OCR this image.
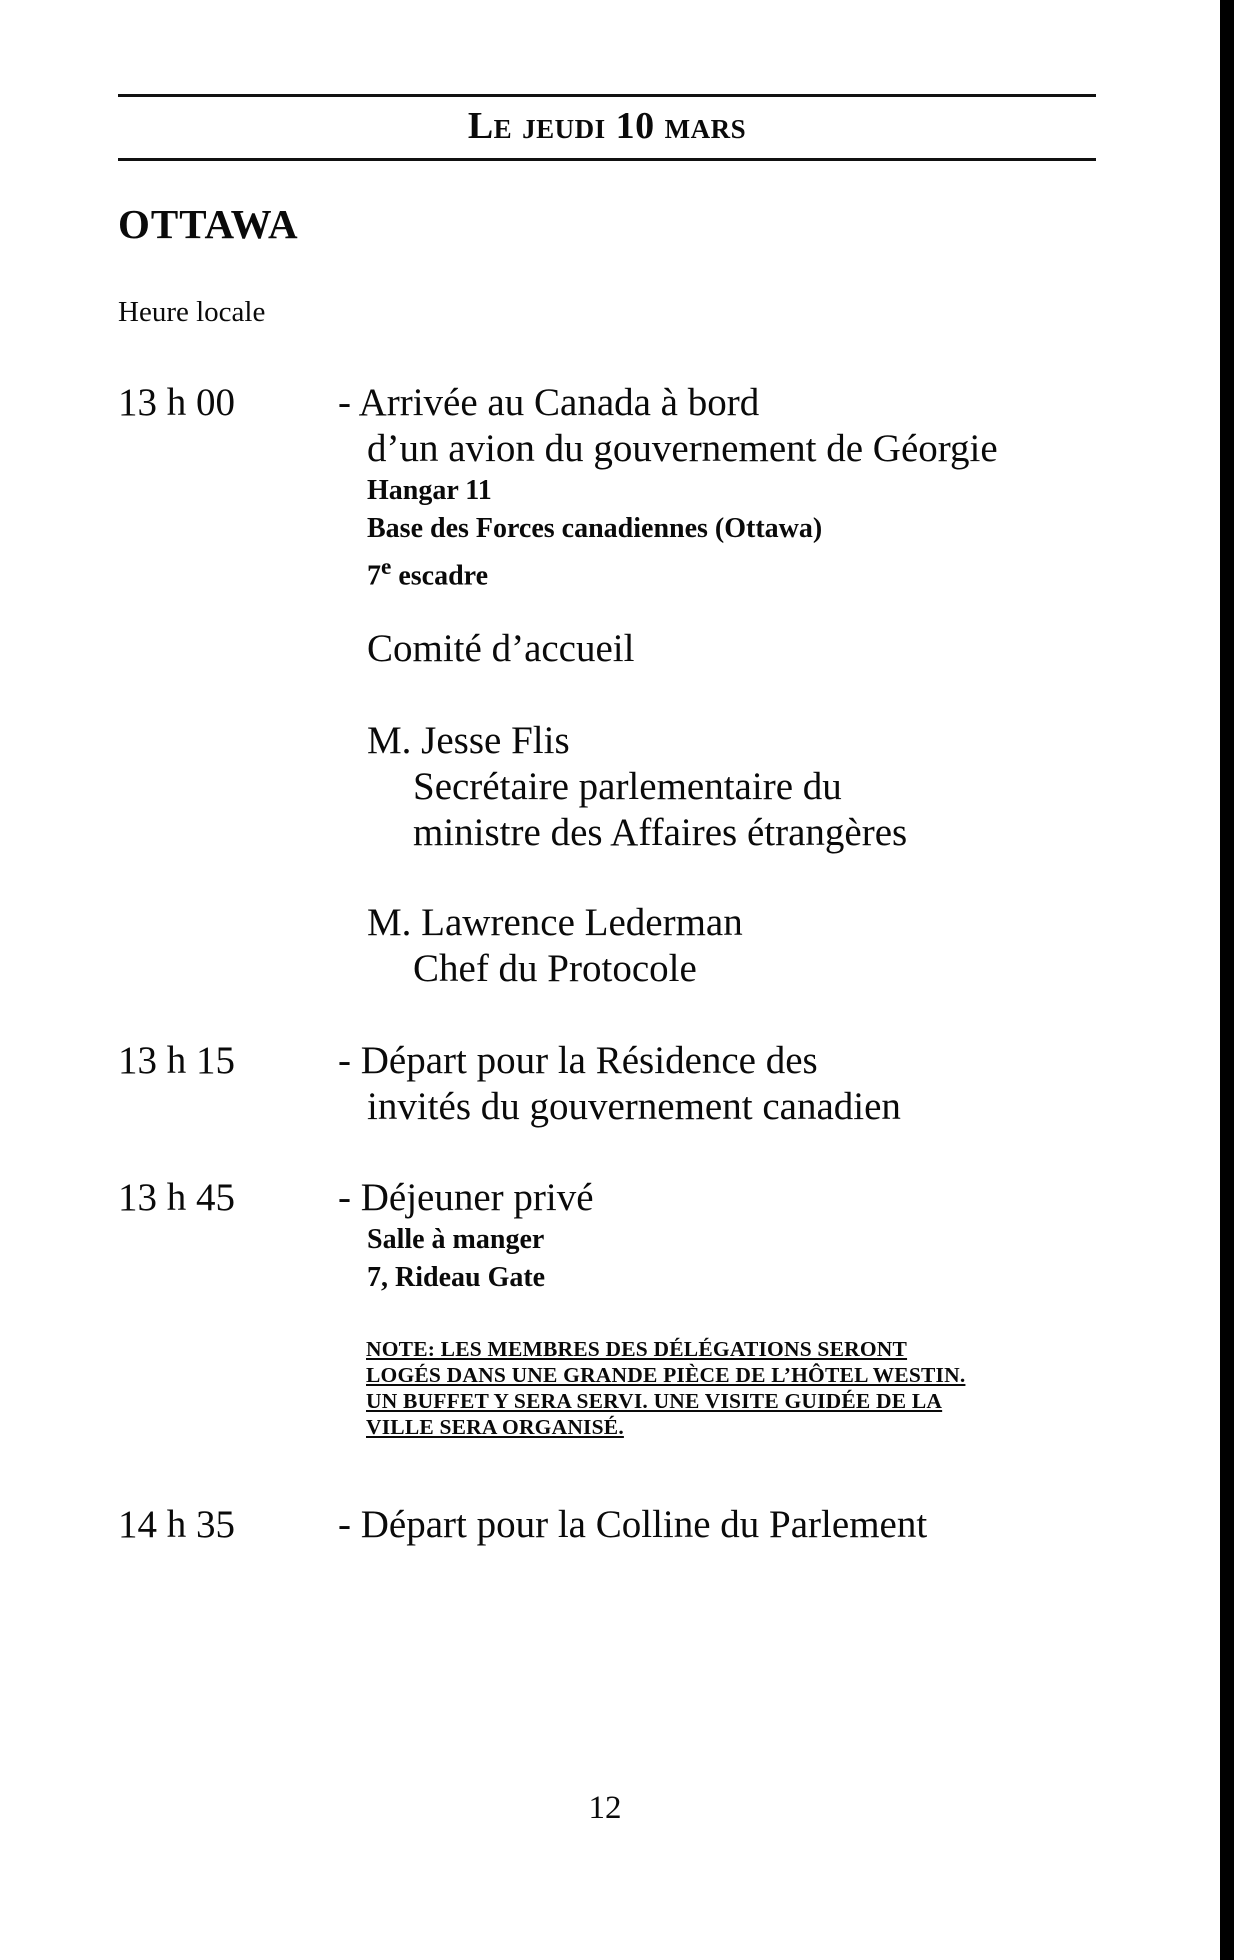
Le jeudi 10 mars
OTTAWA
Heure locale
13 h 00	- Arrivée au Canada à bord
d’un avion du gouvernement de Géorgie
Hangar 11
Base des Forces canadiennes (Ottawa)
7e escadre
Comité d’accueil
M. Jesse Flis
Secrétaire parlementaire du
ministre des Affaires étrangères
M. Lawrence Lederman
Chef du Protocole
13 h 15	- Départ pour la Résidence des
invités du gouvernement canadien
13 h 45	- Déjeuner privé
Salle à manger
7, Rideau Gate
NOTE: LES MEMBRES DES DÉLÉGATIONS SERONT
LOGÉS DANS UNE GRANDE PIÈCE DE L’HÔTEL WESTIN.
UN BUFFET Y SERA SERVI. UNE VISITE GUIDÉE DE LA
VILLE SERA ORGANISÉ.
14 h 35	- Départ pour la Colline du Parlement
12
